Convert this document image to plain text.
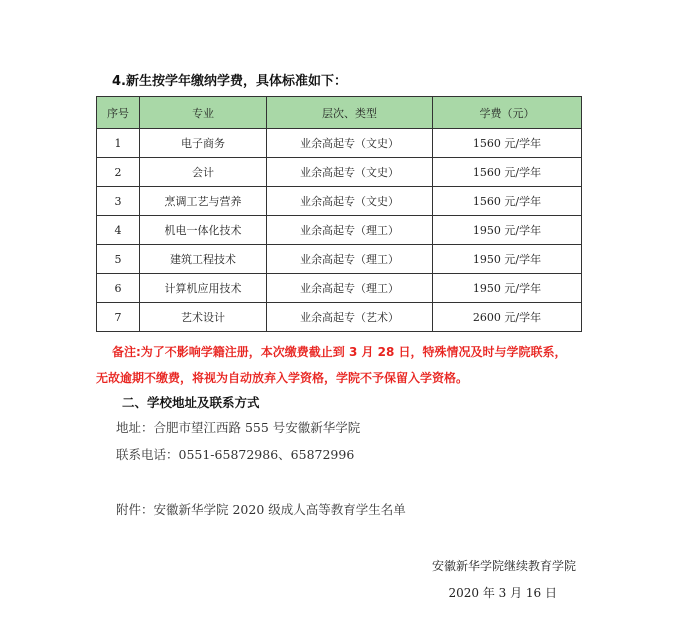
4.新生按学年缴纳学费，具体标准如下：
序号	专业	层次、类型	学费（元）
1	电子商务	业余高起专（文史）	1560 元/学年
2	会计	业余高起专（文史）	1560 元/学年
3	烹调工艺与营养	业余高起专（文史）	1560 元/学年
4	机电一体化技术	业余高起专（理工）	1950 元/学年
5	建筑工程技术	业余高起专（理工）	1950 元/学年
6	计算机应用技术	业余高起专（理工）	1950 元/学年
7	艺术设计	业余高起专（艺术）	2600 元/学年
备注:为了不影响学籍注册，本次缴费截止到 3 月 28 日，特殊情况及时与学院联系，
无故逾期不缴费，将视为自动放弃入学资格，学院不予保留入学资格。
二、学校地址及联系方式
地址：合肥市望江西路 555 号安徽新华学院
联系电话：0551-65872986、65872996
附件：安徽新华学院 2020 级成人高等教育学生名单
安徽新华学院继续教育学院
2020 年 3 月 16 日
